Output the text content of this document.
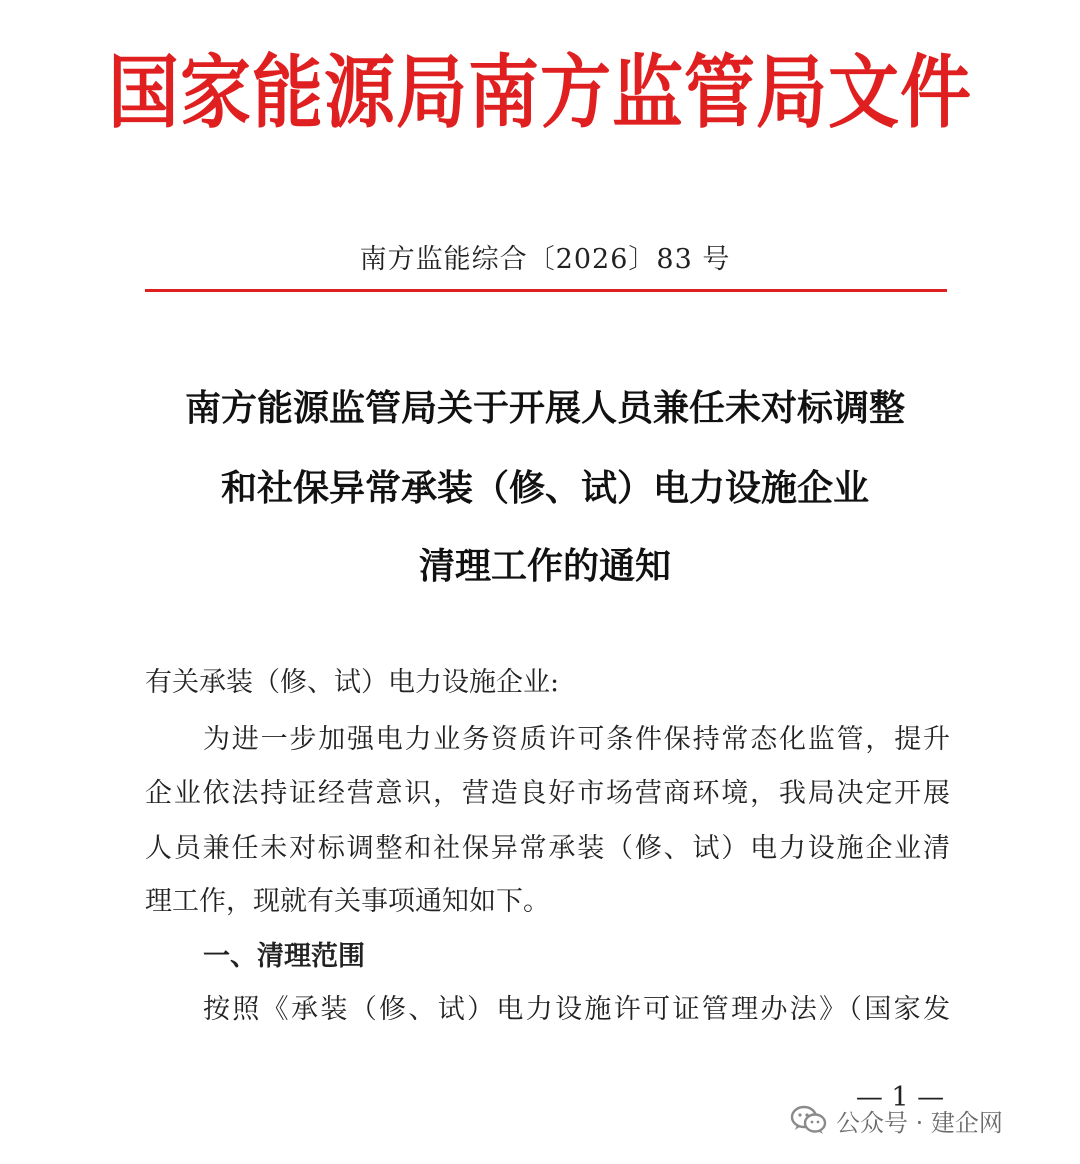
国家能源局南方监管局文件
南方监能综合〔2026〕83 号
南方能源监管局关于开展人员兼任未对标调整
和社保异常承装（修、试）电力设施企业
清理工作的通知
有关承装（修、试）电力设施企业:
为进一步加强电力业务资质许可条件保持常态化监管，提升
企业依法持证经营意识，营造良好市场营商环境，我局决定开展
人员兼任未对标调整和社保异常承装（修、试）电力设施企业清
理工作，现就有关事项通知如下。
一、清理范围
按照《承装（修、试）电力设施许可证管理办法》（国家发
— 1 —
公众号 · 建企网
